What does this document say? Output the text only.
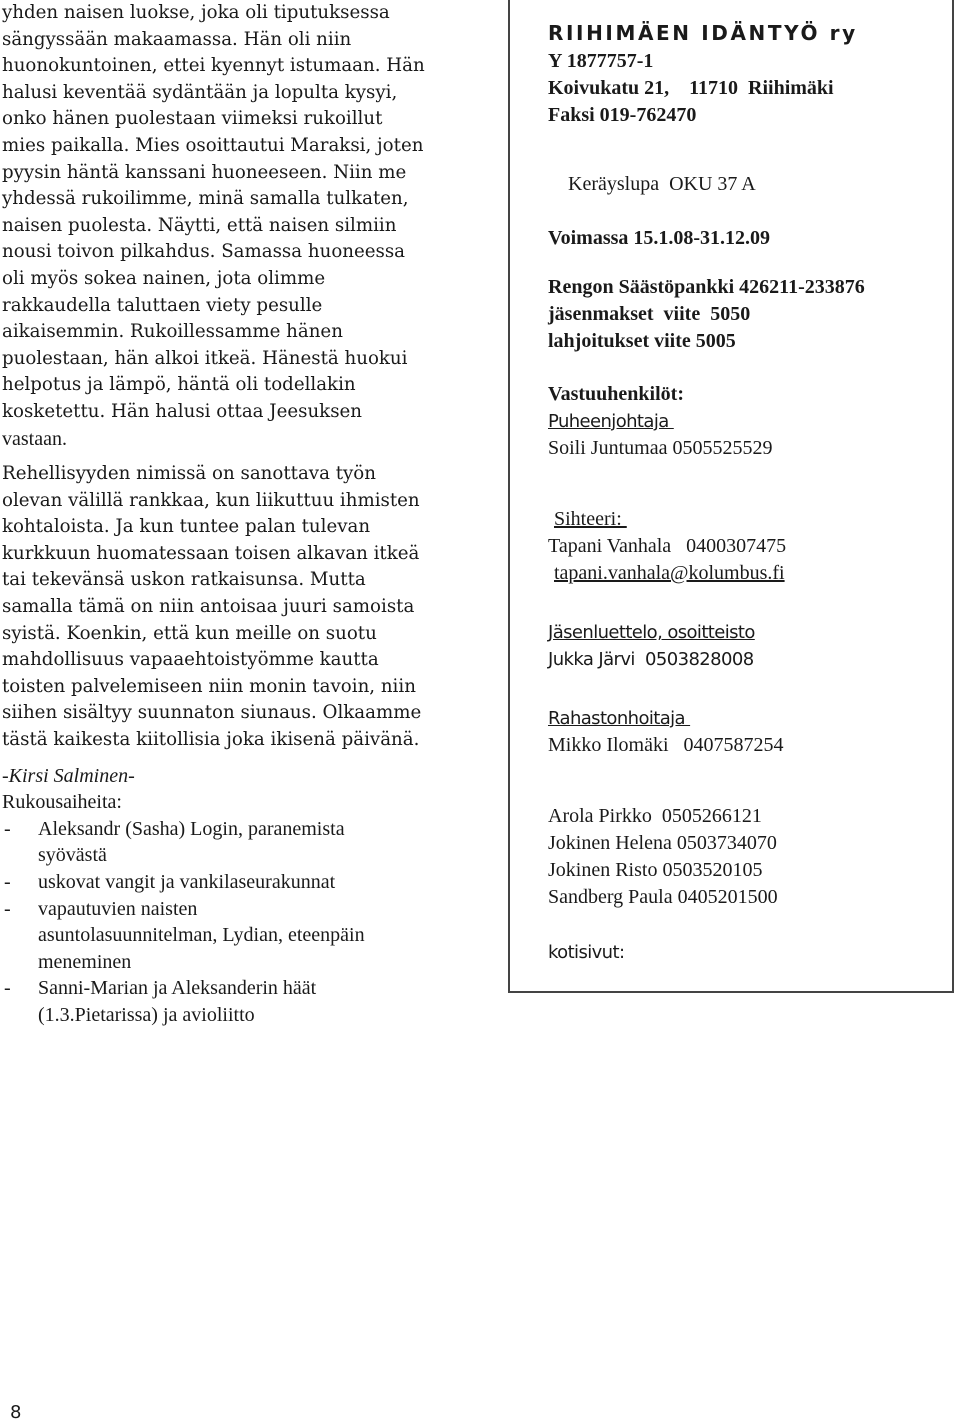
yhden naisen luokse, joka oli tiputuksessa
sängyssään makaamassa. Hän oli niin
huonokuntoinen, ettei kyennyt istumaan. Hän
halusi keventää sydäntään ja lopulta kysyi,
onko hänen puolestaan viimeksi rukoillut
mies paikalla. Mies osoittautui Maraksi, joten
pyysin häntä kanssani huoneeseen. Niin me
yhdessä rukoilimme, minä samalla tulkaten,
naisen puolesta. Näytti, että naisen silmiin
nousi toivon pilkahdus. Samassa huoneessa
oli myös sokea nainen, jota olimme
rakkaudella taluttaen viety pesulle
aikaisemmin. Rukoillessamme hänen
puolestaan, hän alkoi itkeä. Hänestä huokui
helpotus ja lämpö, häntä oli todellakin
kosketettu. Hän halusi ottaa Jeesuksen
vastaan.
Rehellisyyden nimissä on sanottava työn
olevan välillä rankkaa, kun liikuttuu ihmisten
kohtaloista. Ja kun tuntee palan tulevan
kurkkuun huomatessaan toisen alkavan itkeä
tai tekevänsä uskon ratkaisunsa. Mutta
samalla tämä on niin antoisaa juuri samoista
syistä. Koenkin, että kun meille on suotu
mahdollisuus vapaaehtoistyömme kautta
toisten palvelemiseen niin monin tavoin, niin
siihen sisältyy suunnaton siunaus. Olkaamme
tästä kaikesta kiitollisia joka ikisenä päivänä.

-Kirsi Salminen-

Rukousaiheita:

- Aleksandr (Sasha) Login, paranemista
syövästä
- uskovat vangit ja vankilaseurakunnat
- vapautuvien naisten
asuntolasuunnitelman, Lydian, eteenpäin
meneminen
- Sanni-Marian ja Aleksanderin häät
(1.3.Pietarissa) ja avioliitto
RIIHIMÄEN IDÄNTYÖ ry
Y 1877757-1
Koivukatu 21,    11710  Riihimäki
Faksi 019-762470

Keräyslupa  OKU 37 A

Voimassa 15.1.08-31.12.09
Rengon Säästöpankki 426211-233876
jäsenmakset  viite  5050
lahjoitukset viite 5005
Vastuuhenkilöt:
Puheenjohtaja
Soili Juntumaa 0505525529
Sihteeri:
Tapani Vanhala   0400307475
tapani.vanhala@kolumbus.fi
Jäsenluettelo, osoitteisto
Jukka Järvi  0503828008
Rahastonhoitaja
Mikko Ilomäki   0407587254
Arola Pirkko  0505266121
Jokinen Helena 0503734070
Jokinen Risto 0503520105
Sandberg Paula 0405201500
kotisivut:
8
